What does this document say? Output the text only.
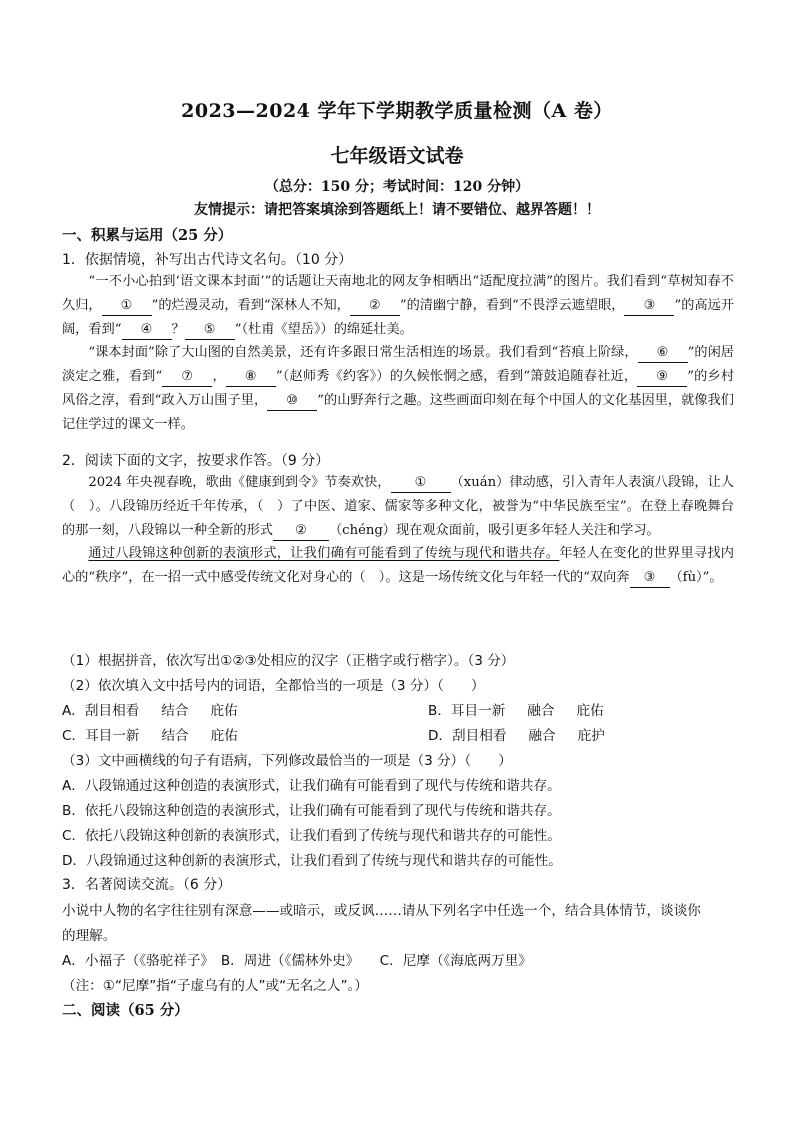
2023—2024 学年下学期教学质量检测（A 卷）
七年级语文试卷
（总分：150 分；考试时间：120 分钟）
友情提示：请把答案填涂到答题纸上！请不要错位、越界答题！！
一、积累与运用（25 分）
1．依据情境，补写出古代诗文名句。（10 分）

“一不小心拍到‘语文课本封面’”的话题让天南地北的网友争相晒出“适配度拉满”的图片。我们看到“草树知春不久归， ① ”的烂漫灵动，看到“深林人不知， ② ”的清幽宁静，看到“不畏浮云遮望眼， ③ ”的高远开阔，看到“ ④ ？ ⑤ ”（杜甫《望岳》）的绵延壮美。

“课本封面”除了大山图的自然美景，还有许多跟日常生活相连的场景。我们看到“苔痕上阶绿， ⑥ ”的闲居淡定之雅，看到“ ⑦ ， ⑧ ”（赵师秀《约客》）的久候怅惘之感，看到“箫鼓追随春社近， ⑨ ”的乡村风俗之淳，看到“政入万山围子里， ⑩ ”的山野奔行之趣。这些画面印刻在每个中国人的文化基因里，就像我们记住学过的课文一样。

2．阅读下面的文字，按要求作答。（9 分）

2024 年央视春晚，歌曲《健康到到令》节奏欢快， ① （xuán）律动感，引入青年人表演八段锦，让人（　）。八段锦历经近千年传承，（　）了中医、道家、儒家等多种文化，被誉为“中华民族至宝”。在登上春晚舞台的那一刻，八段锦以一种全新的形式 ② （chéng）现在观众面前，吸引更多年轻人关注和学习。

通过八段锦这种创新的表演形式，让我们确有可能看到了传统与现代和谐共存。年轻人在变化的世界里寻找内心的“秩序”，在一招一式中感受传统文化对身心的（　）。这是一场传统文化与年轻一代的“双向奔 ③ （fù）”。

（1）根据拼音，依次写出①②③处相应的汉字（正楷字或行楷字）。（3 分）
（2）依次填入文中括号内的词语，全都恰当的一项是（3 分）（　　）
A．刮目相看 结合 庇佑	B．耳目一新 融合 庇佑
C．耳目一新 结合 庇佑	D．刮目相看 融合 庇护
（3）文中画横线的句子有语病，下列修改最恰当的一项是（3 分）（　　）
A．八段锦通过这种创造的表演形式，让我们确有可能看到了现代与传统和谐共存。
B．依托八段锦这种创造的表演形式，让我们确有可能看到了现代与传统和谐共存。
C．依托八段锦这种创新的表演形式，让我们看到了传统与现代和谐共存的可能性。
D．八段锦通过这种创新的表演形式，让我们看到了传统与现代和谐共存的可能性。
3．名著阅读交流。（6 分）
小说中人物的名字往往别有深意——或暗示，或反讽……请从下列名字中任选一个，结合具体情节，谈谈你
的理解。
A．小福子（《骆驼祥子》　B．周进（《儒林外史》　　C．尼摩（《海底两万里》
（注：①“尼摩”指“子虚乌有的人”或“无名之人”。）
二、阅读（65 分）
